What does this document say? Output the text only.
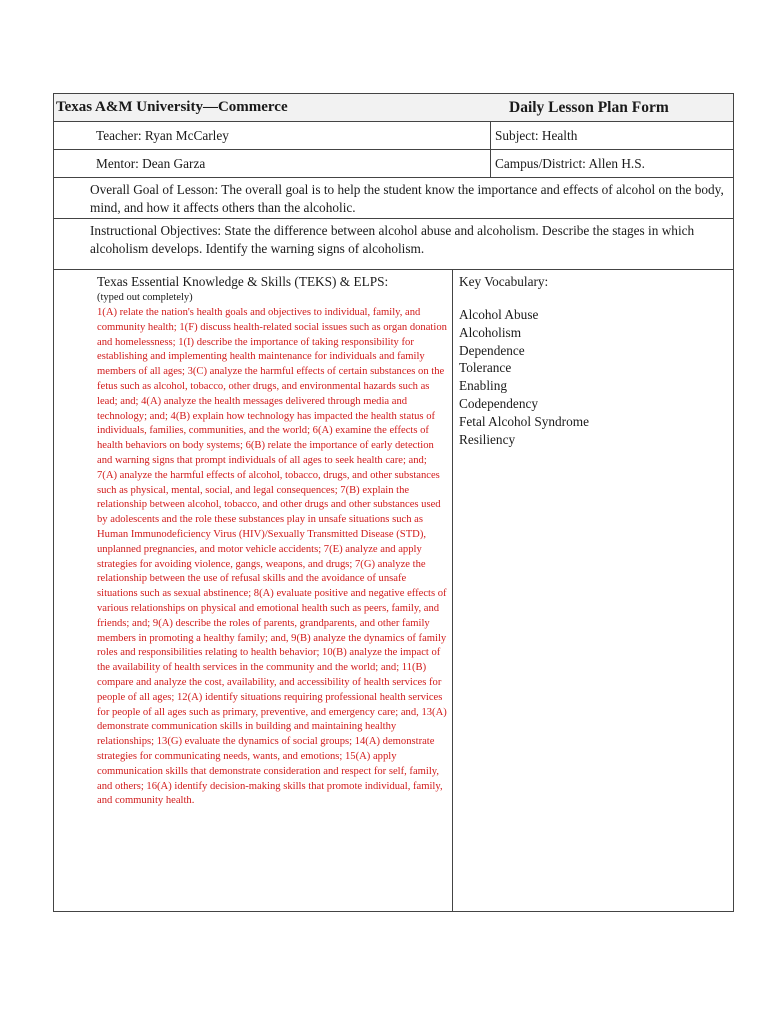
Texas A&M University—Commerce	Daily Lesson Plan Form
Teacher: Ryan McCarley	Subject: Health
Mentor: Dean Garza	Campus/District: Allen H.S.
Overall Goal of Lesson: The overall goal is to help the student know the importance and effects of alcohol on the body, mind, and how it affects others than the alcoholic.
Instructional Objectives: State the difference between alcohol abuse and alcoholism. Describe the stages in which alcoholism develops. Identify the warning signs of alcoholism.
Texas Essential Knowledge & Skills (TEKS) & ELPS:
(typed out completely)
1(A) relate the nation's health goals and objectives to individual, family, and community health; 1(F) discuss health-related social issues such as organ donation and homelessness; 1(I) describe the importance of taking responsibility for establishing and implementing health maintenance for individuals and family members of all ages; 3(C) analyze the harmful effects of certain substances on the fetus such as alcohol, tobacco, other drugs, and environmental hazards such as lead; and; 4(A) analyze the health messages delivered through media and technology; and; 4(B) explain how technology has impacted the health status of individuals, families, communities, and the world; 6(A) examine the effects of health behaviors on body systems; 6(B) relate the importance of early detection and warning signs that prompt individuals of all ages to seek health care; and; 7(A) analyze the harmful effects of alcohol, tobacco, drugs, and other substances such as physical, mental, social, and legal consequences; 7(B) explain the relationship between alcohol, tobacco, and other drugs and other substances used by adolescents and the role these substances play in unsafe situations such as Human Immunodeficiency Virus (HIV)/Sexually Transmitted Disease (STD), unplanned pregnancies, and motor vehicle accidents; 7(E) analyze and apply strategies for avoiding violence, gangs, weapons, and drugs; 7(G) analyze the relationship between the use of refusal skills and the avoidance of unsafe situations such as sexual abstinence; 8(A) evaluate positive and negative effects of various relationships on physical and emotional health such as peers, family, and friends; and; 9(A) describe the roles of parents, grandparents, and other family members in promoting a healthy family; and, 9(B) analyze the dynamics of family roles and responsibilities relating to health behavior; 10(B) analyze the impact of the availability of health services in the community and the world; and; 11(B) compare and analyze the cost, availability, and accessibility of health services for people of all ages; 12(A) identify situations requiring professional health services for people of all ages such as primary, preventive, and emergency care; and, 13(A) demonstrate communication skills in building and maintaining healthy relationships; 13(G) evaluate the dynamics of social groups; 14(A) demonstrate strategies for communicating needs, wants, and emotions; 15(A) apply communication skills that demonstrate consideration and respect for self, family, and others; 16(A) identify decision-making skills that promote individual, family, and community health.
Key Vocabulary:
Alcohol Abuse
Alcoholism
Dependence
Tolerance
Enabling
Codependency
Fetal Alcohol Syndrome
Resiliency
